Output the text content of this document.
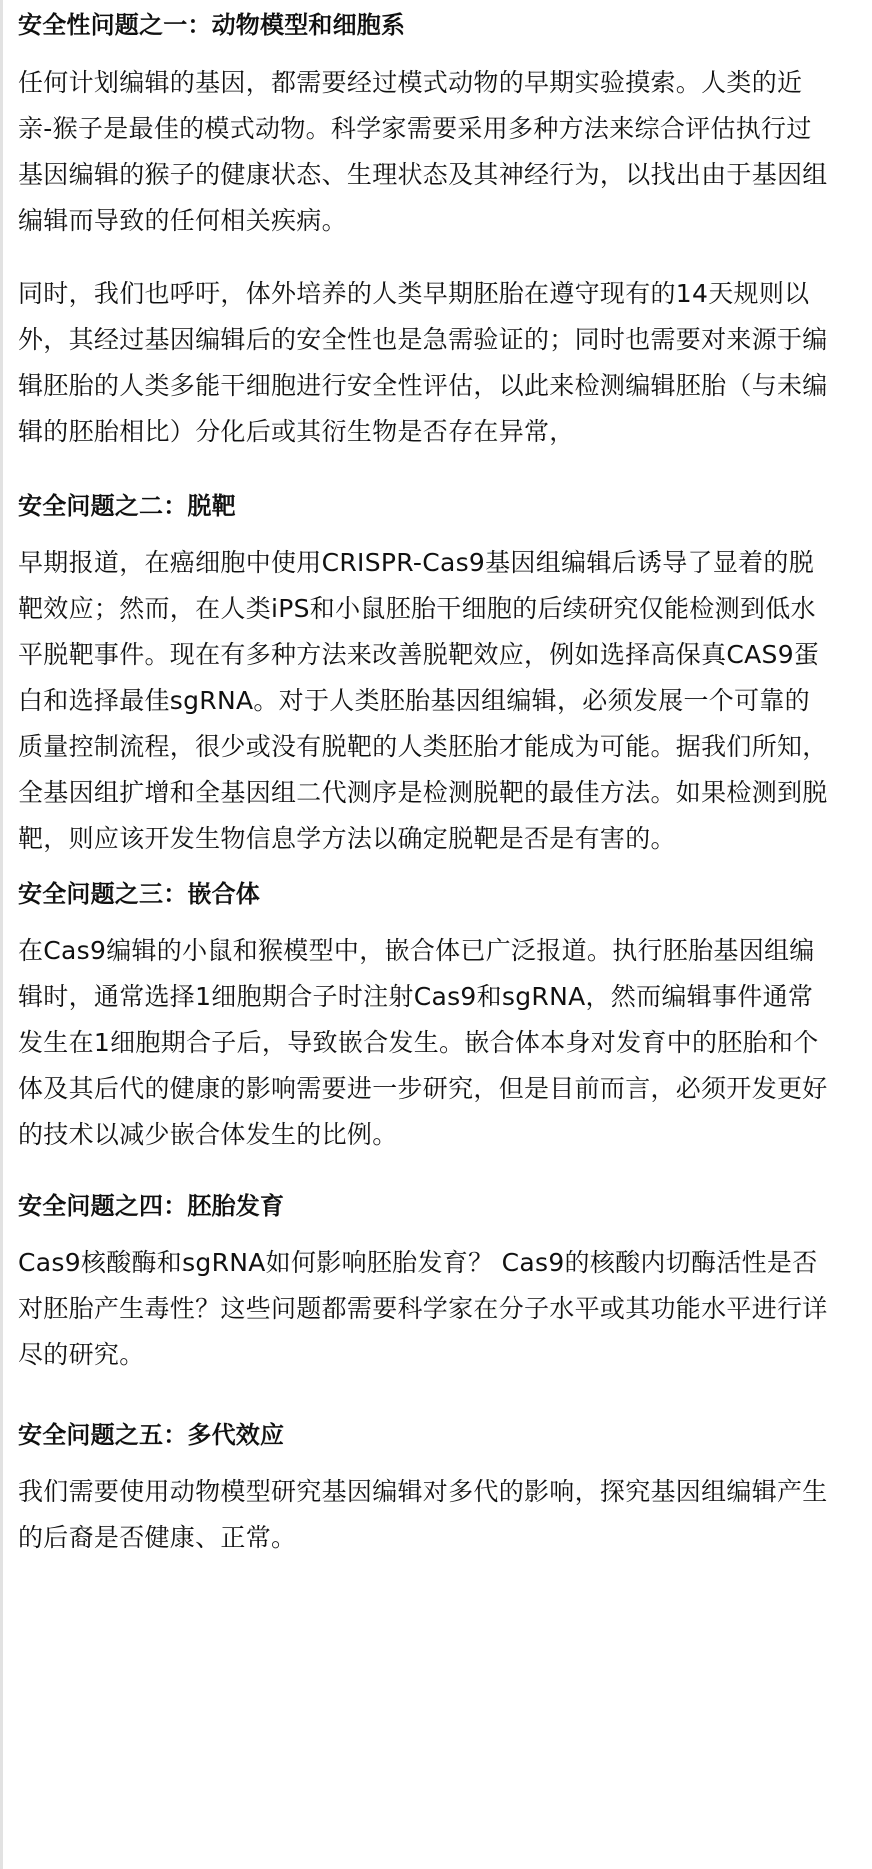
安全性问题之一：动物模型和细胞系

任何计划编辑的基因，都需要经过模式动物的早期实验摸索。人类的近
亲-猴子是最佳的模式动物。科学家需要采用多种方法来综合评估执行过
基因编辑的猴子的健康状态、生理状态及其神经行为，以找出由于基因组
编辑而导致的任何相关疾病。

同时，我们也呼吁，体外培养的人类早期胚胎在遵守现有的14天规则以
外，其经过基因编辑后的安全性也是急需验证的；同时也需要对来源于编
辑胚胎的人类多能干细胞进行安全性评估，以此来检测编辑胚胎（与未编
辑的胚胎相比）分化后或其衍生物是否存在异常，

安全问题之二：脱靶

早期报道，在癌细胞中使用CRISPR-Cas9基因组编辑后诱导了显着的脱
靶效应；然而，在人类iPS和小鼠胚胎干细胞的后续研究仅能检测到低水
平脱靶事件。现在有多种方法来改善脱靶效应，例如选择高保真CAS9蛋
白和选择最佳sgRNA。对于人类胚胎基因组编辑，必须发展一个可靠的
质量控制流程，很少或没有脱靶的人类胚胎才能成为可能。据我们所知，
全基因组扩增和全基因组二代测序是检测脱靶的最佳方法。如果检测到脱
靶，则应该开发生物信息学方法以确定脱靶是否是有害的。

安全问题之三：嵌合体

在Cas9编辑的小鼠和猴模型中，嵌合体已广泛报道。执行胚胎基因组编
辑时，通常选择1细胞期合子时注射Cas9和sgRNA，然而编辑事件通常
发生在1细胞期合子后，导致嵌合发生。嵌合体本身对发育中的胚胎和个
体及其后代的健康的影响需要进一步研究，但是目前而言，必须开发更好
的技术以减少嵌合体发生的比例。

安全问题之四：胚胎发育

Cas9核酸酶和sgRNA如何影响胚胎发育？ Cas9的核酸内切酶活性是否
对胚胎产生毒性？这些问题都需要科学家在分子水平或其功能水平进行详
尽的研究。

安全问题之五：多代效应

我们需要使用动物模型研究基因编辑对多代的影响，探究基因组编辑产生
的后裔是否健康、正常。
